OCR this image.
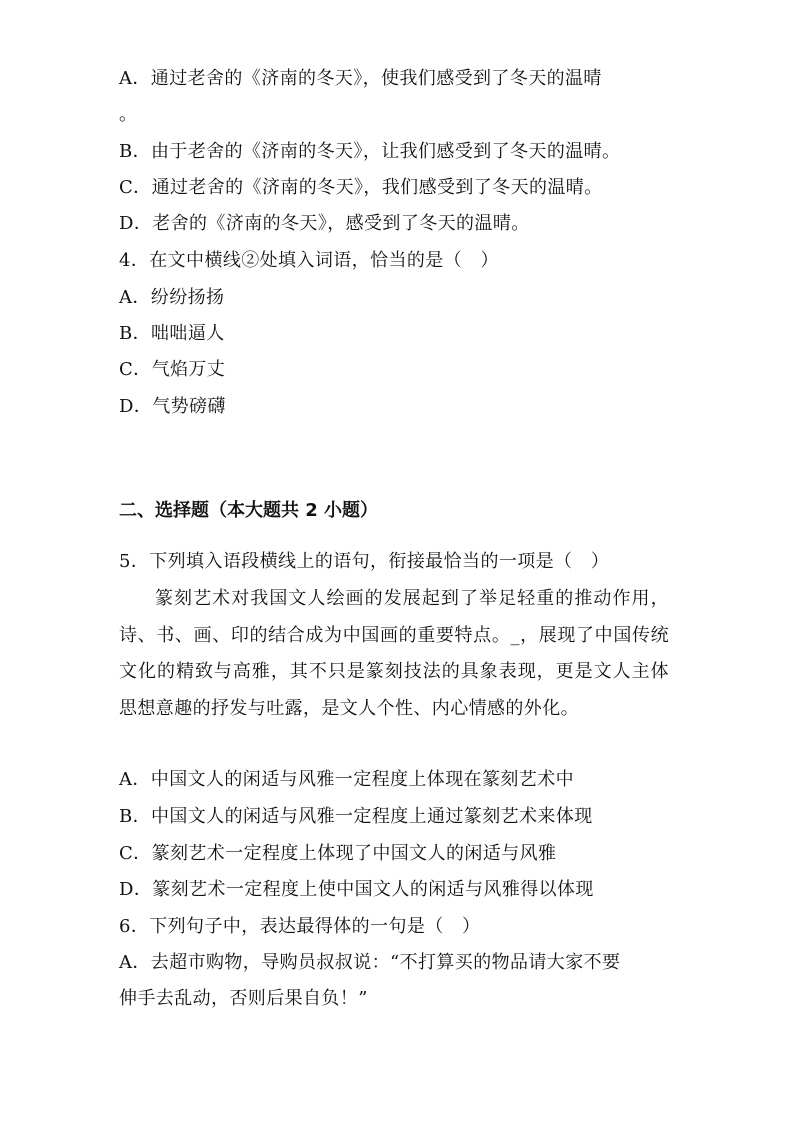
A．通过老舍的《济南的冬天》，使我们感受到了冬天的温晴
。
B．由于老舍的《济南的冬天》，让我们感受到了冬天的温晴。
C．通过老舍的《济南的冬天》，我们感受到了冬天的温晴。
D．老舍的《济南的冬天》，感受到了冬天的温晴。
4．在文中横线②处填入词语，恰当的是（　）
A．纷纷扬扬
B．咄咄逼人
C．气焰万丈
D．气势磅礴
二、选择题（本大题共 2 小题）
5．下列填入语段横线上的语句，衔接最恰当的一项是（　）
篆刻艺术对我国文人绘画的发展起到了举足轻重的推动作用，诗、书、画、印的结合成为中国画的重要特点。_，展现了中国传统文化的精致与高雅，其不只是篆刻技法的具象表现，更是文人主体思想意趣的抒发与吐露，是文人个性、内心情感的外化。
A．中国文人的闲适与风雅一定程度上体现在篆刻艺术中
B．中国文人的闲适与风雅一定程度上通过篆刻艺术来体现
C．篆刻艺术一定程度上体现了中国文人的闲适与风雅
D．篆刻艺术一定程度上使中国文人的闲适与风雅得以体现
6．下列句子中，表达最得体的一句是（　）
A．去超市购物，导购员叔叔说：“不打算买的物品请大家不要
伸手去乱动，否则后果自负！”
